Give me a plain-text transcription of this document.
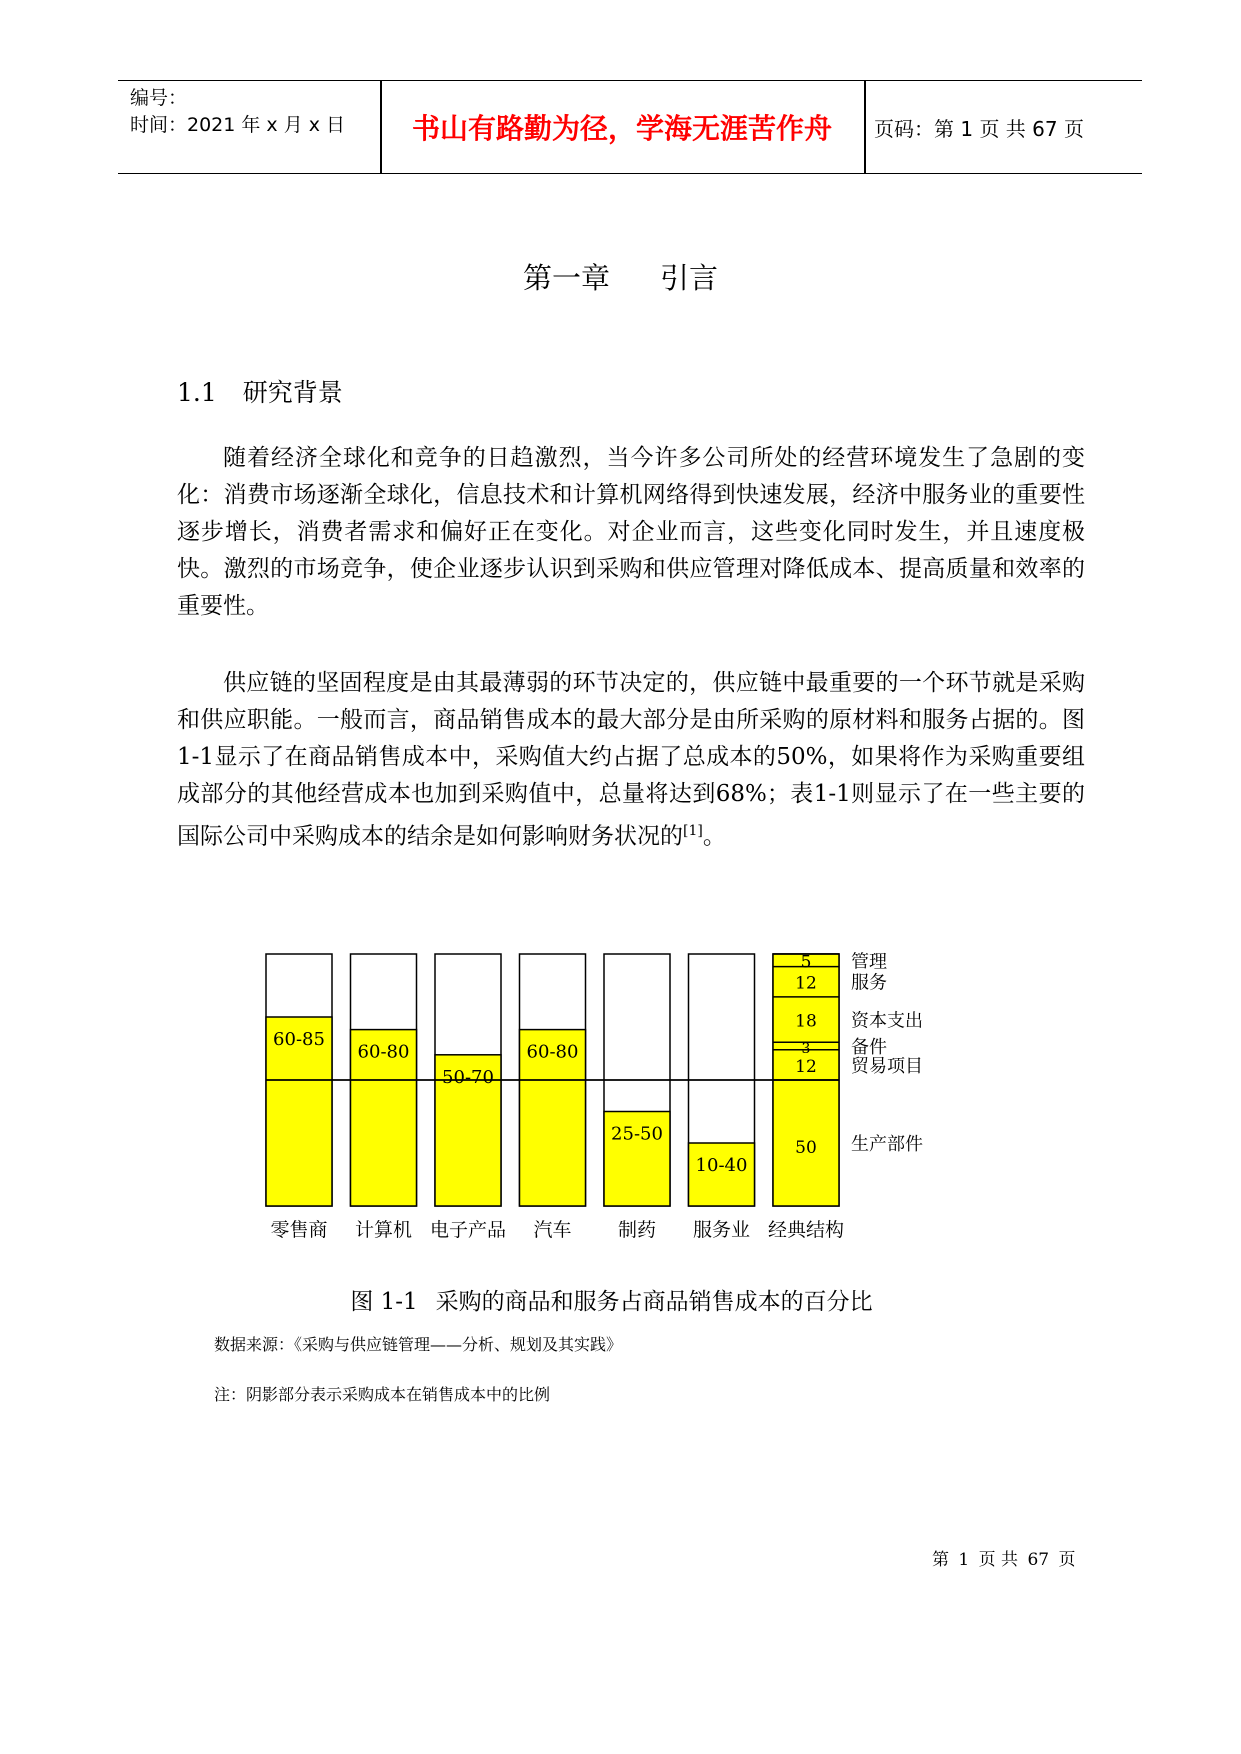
编号：
时间：2021 年 x 月 x 日	书山有路勤为径，学海无涯苦作舟	页码：第 1 页 共 67 页
第一章 引言
1.1 研究背景
随着经济全球化和竞争的日趋激烈，当今许多公司所处的经营环境发生了急剧的变化：消费市场逐渐全球化，信息技术和计算机网络得到快速发展，经济中服务业的重要性逐步增长，消费者需求和偏好正在变化。对企业而言，这些变化同时发生，并且速度极快。激烈的市场竞争，使企业逐步认识到采购和供应管理对降低成本、提高质量和效率的重要性。
供应链的坚固程度是由其最薄弱的环节决定的，供应链中最重要的一个环节就是采购和供应职能。一般而言，商品销售成本的最大部分是由所采购的原材料和服务占据的。图1-1显示了在商品销售成本中，采购值大约占据了总成本的50%，如果将作为采购重要组成部分的其他经营成本也加到采购值中，总量将达到68%；表1-1则显示了在一些主要的国际公司中采购成本的结余是如何影响财务状况的[1]。
60-85
零售商
60-80
计算机
50-70
电子产品
60-80
汽车
25-50
制药
10-40
服务业 经典结构
50 生产部件
12 贸易项目
3 备件
18 资本支出
12 服务
5 管理
图 1-1 采购的商品和服务占商品销售成本的百分比
数据来源：《采购与供应链管理——分析、规划及其实践》
注：阴影部分表示采购成本在销售成本中的比例
第 1 页 共 67 页
